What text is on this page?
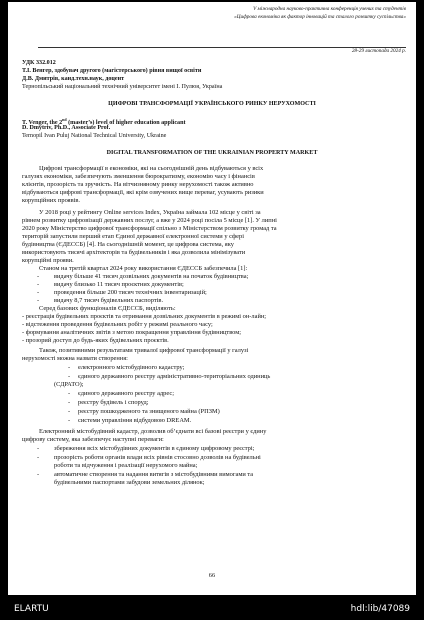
V міжнародна науково-практична конференція учених та студентів
«Цифрова економіка як фактор інновацій та сталого розвитку суспільства»
28-29 листопада 2024 р.
УДК 332.012
Т.І. Венгер, здобувач другого (магістерського) рівня вищої освіти
Д.В. Дмитрів, канд.техн.наук, доцент
Тернопільський національний технічний університет імені І. Пулюя, Україна
ЦИФРОВІ ТРАНСФОРМАЦІЇ УКРАЇНСЬКОГО РИНКУ НЕРУХОМОСТІ
T. Venger, the 2nd (master’s) level of higher education applicant
D. Dmytriv, Ph.D., Associate Prof.
Ternopil Ivan Puluj National Technical University, Ukraine
DIGITAL TRANSFORMATION OF THE UKRAINIAN PROPERTY MARKET
Цифрові трансформації в економіки, які на сьогоднішній день відбуваються у всіх
галузях економіки, забезпечують зменшення бюрократизму, економію часу і фінансів
клієнтів, прозорість та зручність. На вітчизняному ринку нерухомості також активно
відбуваються цифрові трансформації, які крім озвучених вище переваг, усувають ризики
корупційних проявів.
У 2018 році у рейтингу Online services Index, Україна займала 102 місце у світі за
рівнем розвитку цифровізації державних послуг, а вже у 2024 році посіла 5 місце [1]. У липні
2020 року Міністерство цифрової трансформації спільно з Міністерством розвитку громад та
територій запустили перший етап Єдиної державної електронної системи у сфері
будівництва (ЄДЕССБ) [4]. На сьогоднішній момент, це цифрова система, яку
використовують тисячі архітекторів та будівельників і яка дозволила мінімізувати
корупційні прояви.
Станом на третій квартал 2024 року використання ЄДЕССБ забезпечила [1]:
- видачу більше 41 тисяч дозвільних документів на початок будівництва;
- видачу близько 11 тисяч проєктних документів;
- проведення більше 200 тисяч технічних інвентаризацій;
- видачу 8,7 тисяч будівельних паспортів.
Серед базових функціоналів ЄДЕССБ, виділяють:
- реєстрація будівельних проєктів та отримання дозвільних документів в режимі он-лайн;
- відстеження проведення будівельних робіт у режимі реального часу;
- формування аналітичних звітів з метою покращення управління будівництвом;
- прозорий доступ до будь-яких будівельних проєктів.
Також, позитивними результатами тривалої цифрової трансформації у галузі
нерухомості можна назвати створення:
- електронного містобудівного кадастру;
- єдиного державного реєстру адміністративно-територіальних одиниць
(СДРАТО);
- єдиного державного реєстру адрес;
- реєстру будівель і споруд;
- реєстру пошкодженого та знищеного майна (РПЗМ)
- системи управління відбудовою DREAM.
Електронний містобудівний кадастр, дозволив об’єднати всі базові реєстри у єдину
цифрову систему, яка забезпечує наступні переваги:
- збереження всіх містобудівних документів в єдиному цифровому реєстрі;
- прозорість роботи органів влади всіх рівнів стосовно дозволів на будівельні
роботи та відчуження і реалізації нерухомого майна;
- автоматичне створення та надання витягів з містобудівними вимогами та
будівельними паспортами забудови земельних ділянок;
66
ELARTU	hdl:lib/47089
